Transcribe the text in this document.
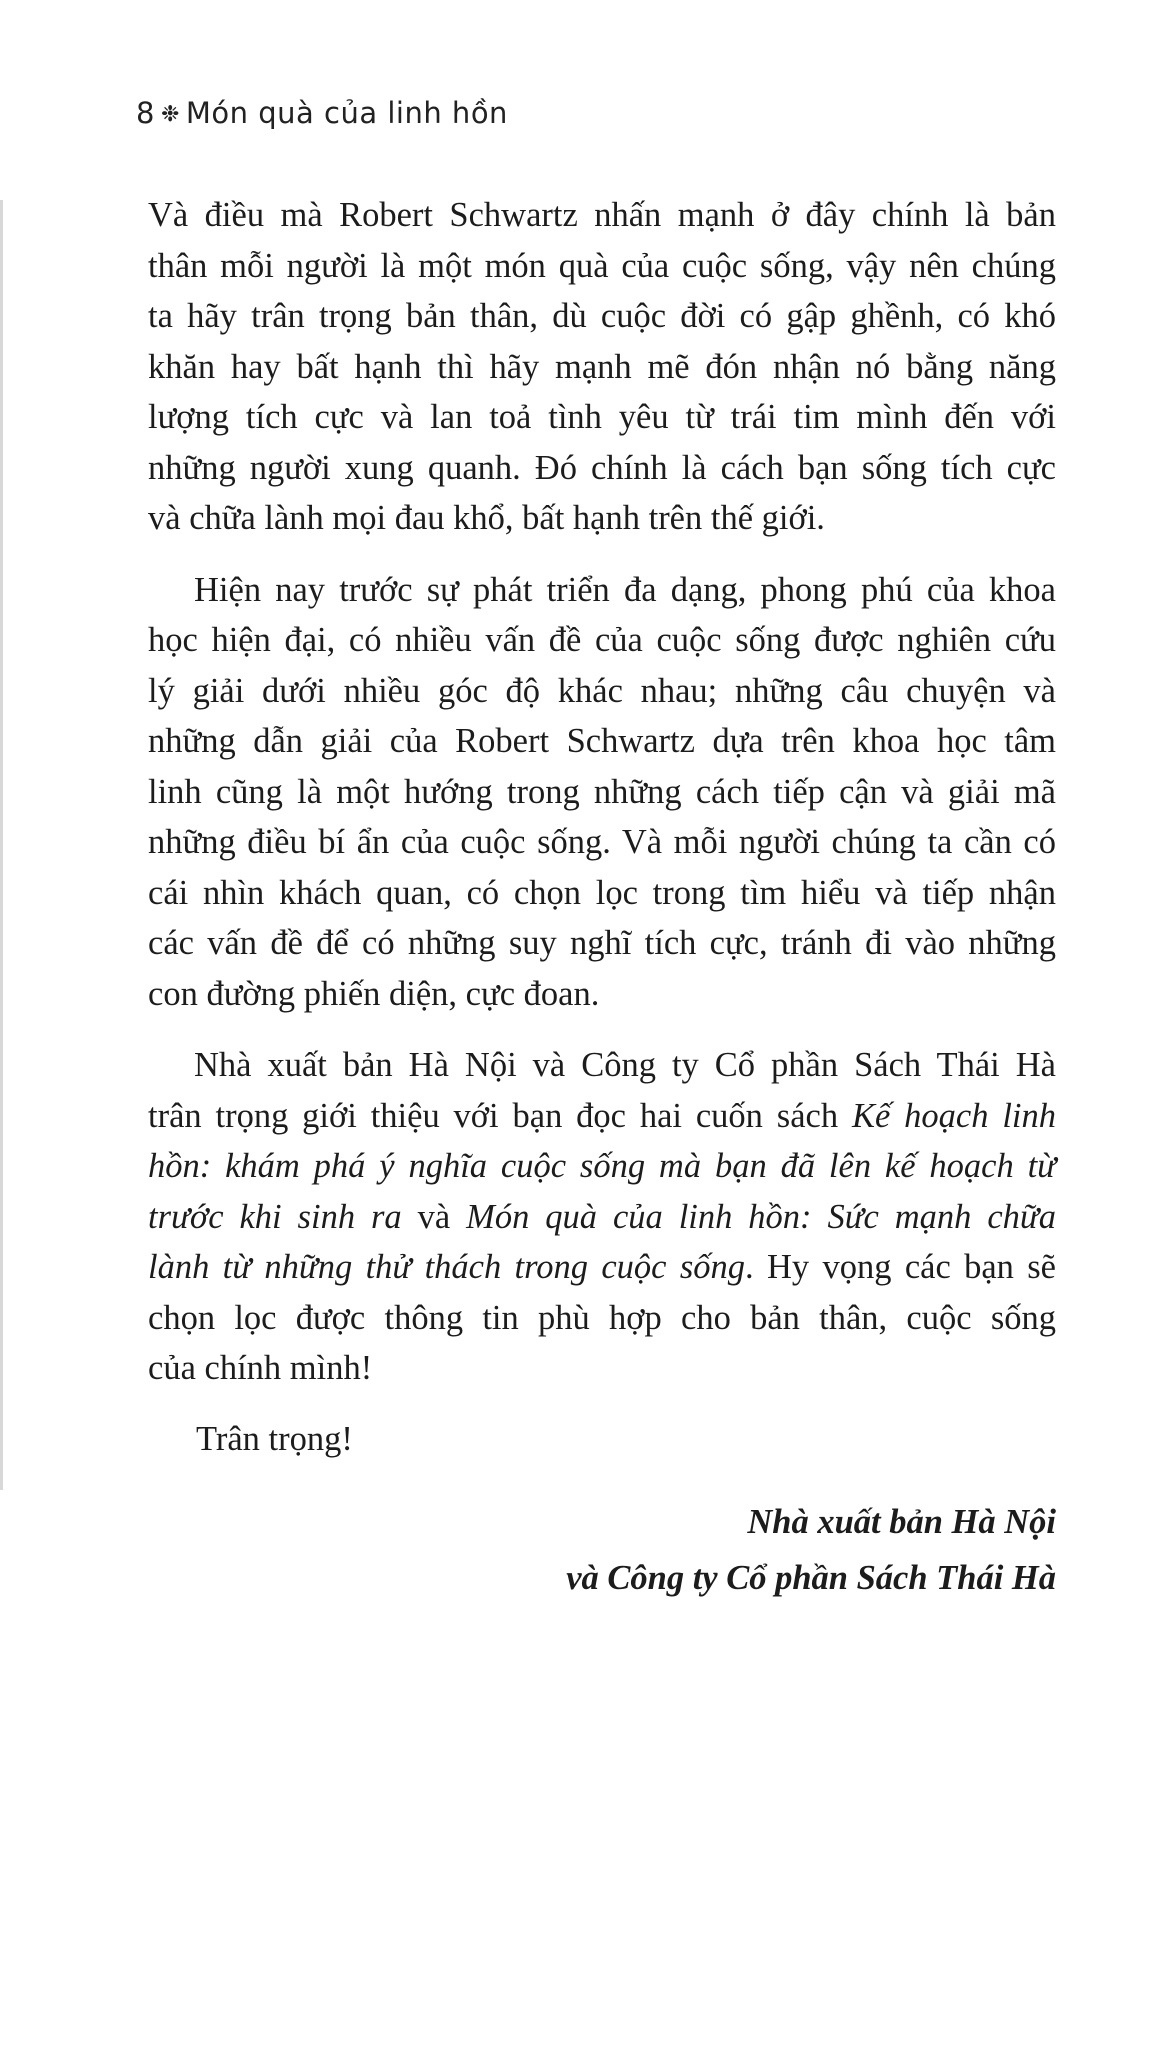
8 ❉ Món quà của linh hồn
Và điều mà Robert Schwartz nhấn mạnh ở đây chính là bản
thân mỗi người là một món quà của cuộc sống, vậy nên chúng
ta hãy trân trọng bản thân, dù cuộc đời có gập ghềnh, có khó
khăn hay bất hạnh thì hãy mạnh mẽ đón nhận nó bằng năng
lượng tích cực và lan toả tình yêu từ trái tim mình đến với
những người xung quanh. Đó chính là cách bạn sống tích cực
và chữa lành mọi đau khổ, bất hạnh trên thế giới.
Hiện nay trước sự phát triển đa dạng, phong phú của khoa
học hiện đại, có nhiều vấn đề của cuộc sống được nghiên cứu
lý giải dưới nhiều góc độ khác nhau; những câu chuyện và
những dẫn giải của Robert Schwartz dựa trên khoa học tâm
linh cũng là một hướng trong những cách tiếp cận và giải mã
những điều bí ẩn của cuộc sống. Và mỗi người chúng ta cần có
cái nhìn khách quan, có chọn lọc trong tìm hiểu và tiếp nhận
các vấn đề để có những suy nghĩ tích cực, tránh đi vào những
con đường phiến diện, cực đoan.
Nhà xuất bản Hà Nội và Công ty Cổ phần Sách Thái Hà
trân trọng giới thiệu với bạn đọc hai cuốn sách Kế hoạch linh
hồn: khám phá ý nghĩa cuộc sống mà bạn đã lên kế hoạch từ
trước khi sinh ra và Món quà của linh hồn: Sức mạnh chữa
lành từ những thử thách trong cuộc sống. Hy vọng các bạn sẽ
chọn lọc được thông tin phù hợp cho bản thân, cuộc sống
của chính mình!
Trân trọng!
Nhà xuất bản Hà Nội
và Công ty Cổ phần Sách Thái Hà
